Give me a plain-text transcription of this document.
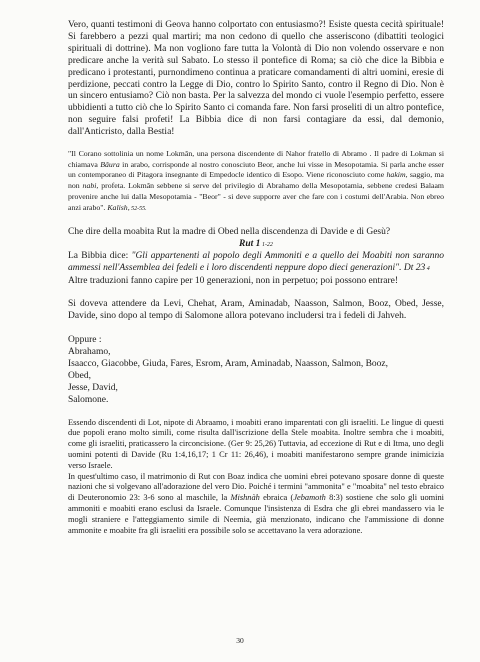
Vero, quanti testimoni di Geova hanno colportato con entusiasmo?! Esiste questa cecità spirituale! Si farebbero a pezzi qual martiri; ma non cedono di quello che asseriscono (dibattiti teologici spirituali di dottrine). Ma non vogliono fare tutta la Volontà di Dio non volendo osservare e non predicare anche la verità sul Sabato. Lo stesso il pontefice di Roma; sa ciò che dice la Bibbia e predicano i protestanti, purnondimeno continua a praticare comandamenti di altri uomini, eresie di perdizione, peccati contro la Legge di Dio, contro lo Spirito Santo, contro il Regno di Dio. Non è un sincero entusiamo? Ciò non basta. Per la salvezza del mondo ci vuole l'esempio perfetto, essere ubbidienti a tutto ciò che lo Spirito Santo ci comanda fare. Non farsi proseliti di un altro pontefice, non seguire falsi profeti! La Bibbia dice di non farsi contagiare da essi, dal demonio, dall'Anticristo, dalla Bestia!

"Il Corano sottolinia un nome Lokmân, una persona discendente di Nahor fratello di Abramo . Il padre di Lokman si chiamava Bâura in arabo, corrisponde al nostro conosciuto Beor, anche lui visse in Mesopotamia. Si parla anche esser un contemporaneo di Pitagora insegnante di Empedocle identico di Esopo. Viene riconosciuto come hakim, saggio, ma non nabi, profeta. Lokmân sebbene si serve del privilegio di Abrahamo della Mesopotamia, sebbene credesi Balaam provenire anche lui dalla Mesopotamia - "Beor" - si deve supporre aver che fare con i costumi dell'Arabia. Non ebreo anzi arabo". Kalish, 52-55.

Che dire della moabita Rut la madre di Obed nella discendenza di Davide e di Gesù?

Rut 1 1-22

La Bibbia dice: "Gli appartenenti al popolo degli Ammoniti e a quello dei Moabiti non saranno ammessi nell'Assemblea dei fedeli e i loro discendenti neppure dopo dieci generazioni". Dt 23 4

Altre traduzioni fanno capire per 10 generazioni, non in perpetuo; poi possono entrare!

Si doveva attendere da Levi, Chehat, Aram, Aminadab, Naasson, Salmon, Booz, Obed, Jesse, Davide, sino dopo al tempo di Salomone allora potevano includersi tra i fedeli di Jahveh.

Oppure :
Abrahamo,
Isaacco, Giacobbe, Giuda, Fares, Esrom, Aram, Aminadab, Naasson, Salmon, Booz,
Obed,
Jesse, David,
Salomone.

Essendo discendenti di Lot, nipote di Abraamo, i moabiti erano imparentati con gli israeliti. Le lingue di questi due popoli erano molto simili, come risulta dall'iscrizione della Stele moabita. Inoltre sembra che i moabiti, come gli israeliti, praticassero la circoncisione. (Ger 9: 25,26) Tuttavia, ad eccezione di Rut e di Itma, uno degli uomini potenti di Davide (Ru 1:4,16,17; 1 Cr 11: 26,46), i moabiti manifestarono sempre grande inimicizia verso Israele.
In quest'ultimo caso, il matrimonio di Rut con Boaz indica che uomini ebrei potevano sposare donne di queste nazioni che si volgevano all'adorazione del vero Dio. Poiché i termini "ammonita" e "moabita" nel testo ebraico di Deuteronomio 23: 3-6 sono al maschile, la Mishnàh ebraica (Jebamoth 8:3) sostiene che solo gli uomini ammoniti e moabiti erano esclusi da Israele. Comunque l'insistenza di Esdra che gli ebrei mandassero via le mogli straniere e l'atteggiamento simile di Neemia, già menzionato, indicano che l'ammissione di donne ammonite e moabite fra gli israeliti era possibile solo se accettavano la vera adorazione.

30
